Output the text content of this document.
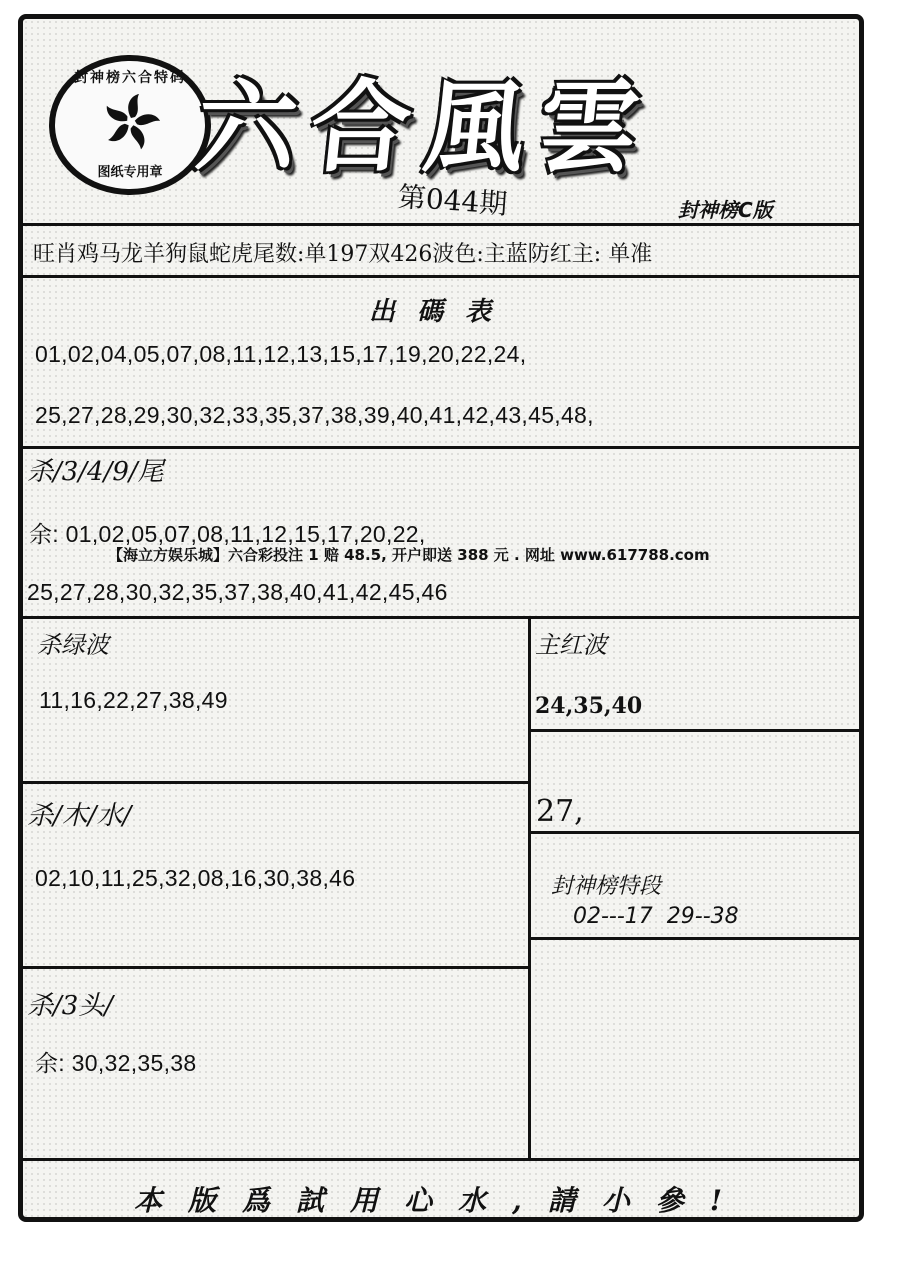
封神榜六合特码
图纸专用章 六合風雲
第044期	封神榜C版
旺肖鸡马龙羊狗鼠蛇虎尾数:单197双426波色:主蓝防红主: 单准
出碼表
01,02,04,05,07,08,11,12,13,15,17,19,20,22,24,
25,27,28,29,30,32,33,35,37,38,39,40,41,42,43,45,48,
杀/3/4/9/尾
余: 01,02,05,07,08,11,12,15,17,20,22,
【海立方娱乐城】六合彩投注 1 赔 48.5, 开户即送 388 元 . 网址 www.617788.com
25,27,28,30,32,35,37,38,40,41,42,45,46
杀绿波
11,16,22,27,38,49
杀/木/水/
02,10,11,25,32,08,16,30,38,46
杀/3头/
余: 30,32,35,38
主红波
24,35,40
27,
封神榜特段
02---17  29--38
本版爲試用心水,請小參!
